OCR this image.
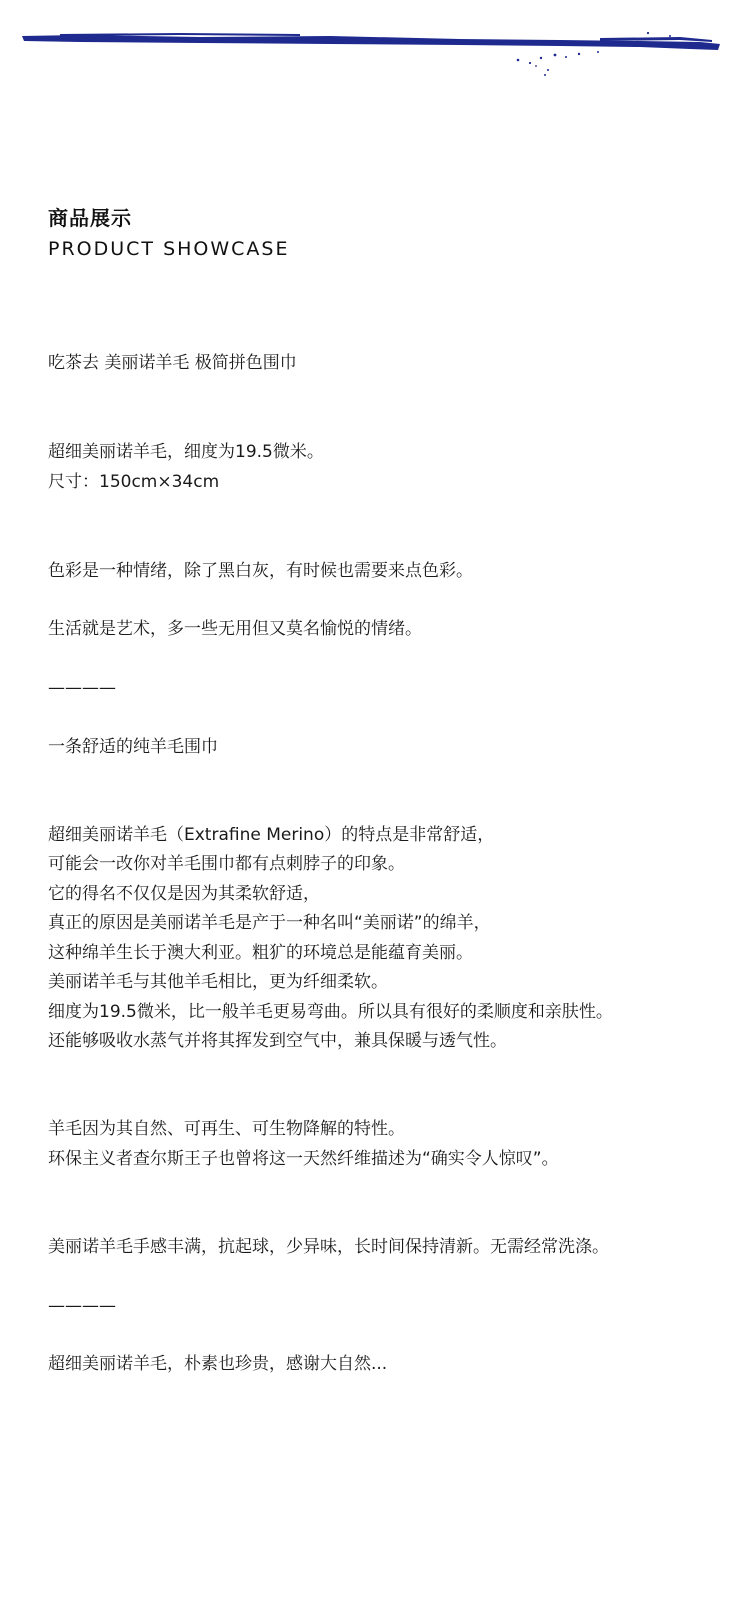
商品展示
PRODUCT SHOWCASE
吃茶去 美丽诺羊毛 极简拼色围巾
超细美丽诺羊毛，细度为19.5微米。
尺寸：150cm×34cm
色彩是一种情绪，除了黑白灰，有时候也需要来点色彩。
生活就是艺术，多一些无用但又莫名愉悦的情绪。
————
一条舒适的纯羊毛围巾
超细美丽诺羊毛（Extrafine Merino）的特点是非常舒适，
可能会一改你对羊毛围巾都有点刺脖子的印象。
它的得名不仅仅是因为其柔软舒适，
真正的原因是美丽诺羊毛是产于一种名叫“美丽诺”的绵羊，
这种绵羊生长于澳大利亚。粗犷的环境总是能蕴育美丽。
美丽诺羊毛与其他羊毛相比，更为纤细柔软。
细度为19.5微米，比一般羊毛更易弯曲。所以具有很好的柔顺度和亲肤性。
还能够吸收水蒸气并将其挥发到空气中，兼具保暖与透气性。
羊毛因为其自然、可再生、可生物降解的特性。
环保主义者查尔斯王子也曾将这一天然纤维描述为“确实令人惊叹”。
美丽诺羊毛手感丰满，抗起球，少异味，长时间保持清新。无需经常洗涤。
————
超细美丽诺羊毛，朴素也珍贵，感谢大自然...
